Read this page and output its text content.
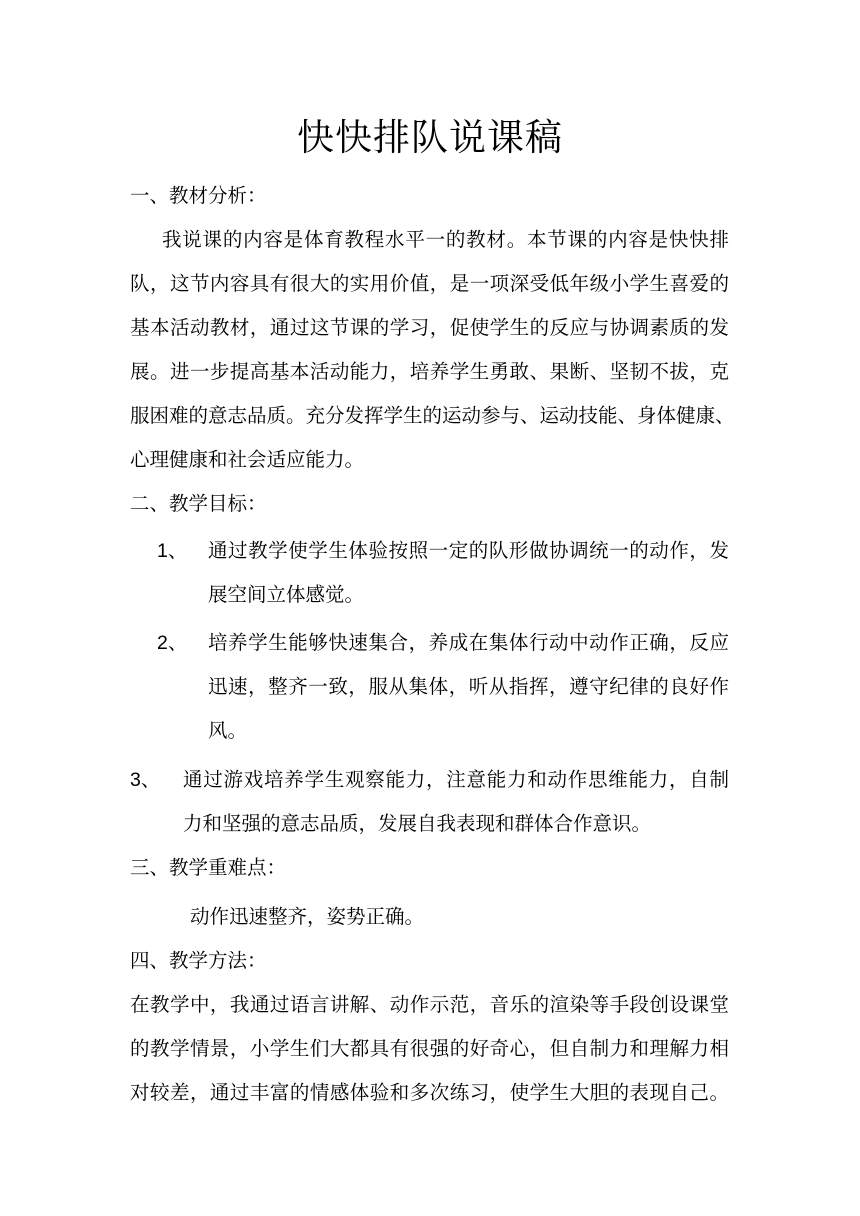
快快排队说课稿
一、教材分析：
我说课的内容是体育教程水平一的教材。本节课的内容是快快排
队，这节内容具有很大的实用价值，是一项深受低年级小学生喜爱的
基本活动教材，通过这节课的学习，促使学生的反应与协调素质的发
展。进一步提高基本活动能力，培养学生勇敢、果断、坚韧不拔，克
服困难的意志品质。充分发挥学生的运动参与、运动技能、身体健康、
心理健康和社会适应能力。
二、教学目标：
1、 通过教学使学生体验按照一定的队形做协调统一的动作，发
展空间立体感觉。
2、 培养学生能够快速集合，养成在集体行动中动作正确，反应
迅速，整齐一致，服从集体，听从指挥，遵守纪律的良好作
风。
3、 通过游戏培养学生观察能力，注意能力和动作思维能力，自制
力和坚强的意志品质，发展自我表现和群体合作意识。
三、教学重难点：
动作迅速整齐，姿势正确。
四、教学方法：
在教学中，我通过语言讲解、动作示范，音乐的渲染等手段创设课堂
的教学情景，小学生们大都具有很强的好奇心，但自制力和理解力相
对较差，通过丰富的情感体验和多次练习，使学生大胆的表现自己。
